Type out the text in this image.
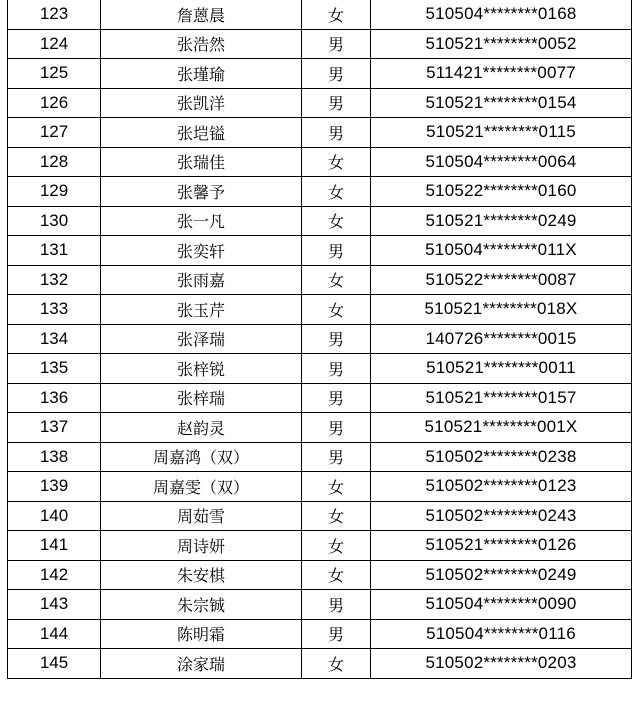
123	詹蒽晨	女	510504********0168
124	张浩然	男	510521********0052
125	张瑾瑜	男	511421********0077
126	张凯洋	男	510521********0154
127	张垲镒	男	510521********0115
128	张瑞佳	女	510504********0064
129	张馨予	女	510522********0160
130	张一凡	女	510521********0249
131	张奕轩	男	510504********011X
132	张雨嘉	女	510522********0087
133	张玉芹	女	510521********018X
134	张泽瑞	男	140726********0015
135	张梓锐	男	510521********0011
136	张梓瑞	男	510521********0157
137	赵韵灵	男	510521********001X
138	周嘉鸿（双）	男	510502********0238
139	周嘉雯（双）	女	510502********0123
140	周茹雪	女	510502********0243
141	周诗妍	女	510521********0126
142	朱安棋	女	510502********0249
143	朱宗铖	男	510504********0090
144	陈明霜	男	510504********0116
145	涂家瑞	女	510502********0203
